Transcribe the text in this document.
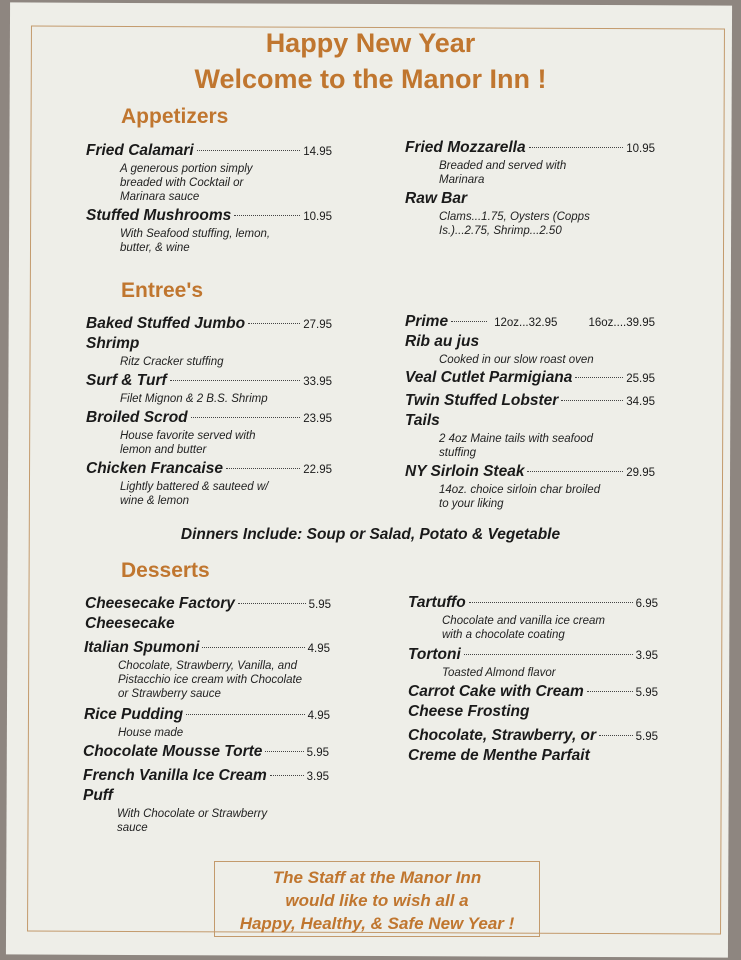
Happy New Year
Welcome to the Manor Inn !
Appetizers
Fried Calamari	14.95
A generous portion simply breaded with Cocktail or Marinara sauce
Stuffed Mushrooms	10.95
With Seafood stuffing, lemon, butter, & wine
Fried Mozzarella	10.95
Breaded and served with Marinara
Raw Bar
Clams...1.75, Oysters (Copps Is.)...2.75, Shrimp...2.50
Entree's
Baked Stuffed Jumbo	27.95
Shrimp
Ritz Cracker stuffing
Surf & Turf	33.95
Filet Mignon & 2 B.S. Shrimp
Broiled Scrod	23.95
House favorite served with lemon and butter
Chicken Francaise	22.95
Lightly battered & sauteed w/ wine & lemon
Prime	12oz...32.95	16oz....39.95
Rib au jus
Cooked in our slow roast oven
Veal Cutlet Parmigiana	25.95
Twin Stuffed Lobster	34.95
Tails
2 4oz Maine tails with seafood stuffing
NY Sirloin Steak	29.95
14oz. choice sirloin char broiled to your liking
Dinners Include: Soup or Salad, Potato & Vegetable
Desserts
Cheesecake Factory	5.95
Cheesecake
Italian Spumoni	4.95
Chocolate, Strawberry, Vanilla, and Pistacchio ice cream with Chocolate or Strawberry sauce
Rice Pudding	4.95
House made
Chocolate Mousse Torte	5.95
French Vanilla Ice Cream	3.95
Puff
With Chocolate or Strawberry sauce
Tartuffo	6.95
Chocolate and vanilla ice cream with a chocolate coating
Tortoni	3.95
Toasted Almond flavor
Carrot Cake with Cream	5.95
Cheese Frosting
Chocolate, Strawberry, or	5.95
Creme de Menthe Parfait
The Staff at the Manor Inn
would like to wish all a
Happy, Healthy, & Safe New Year !
